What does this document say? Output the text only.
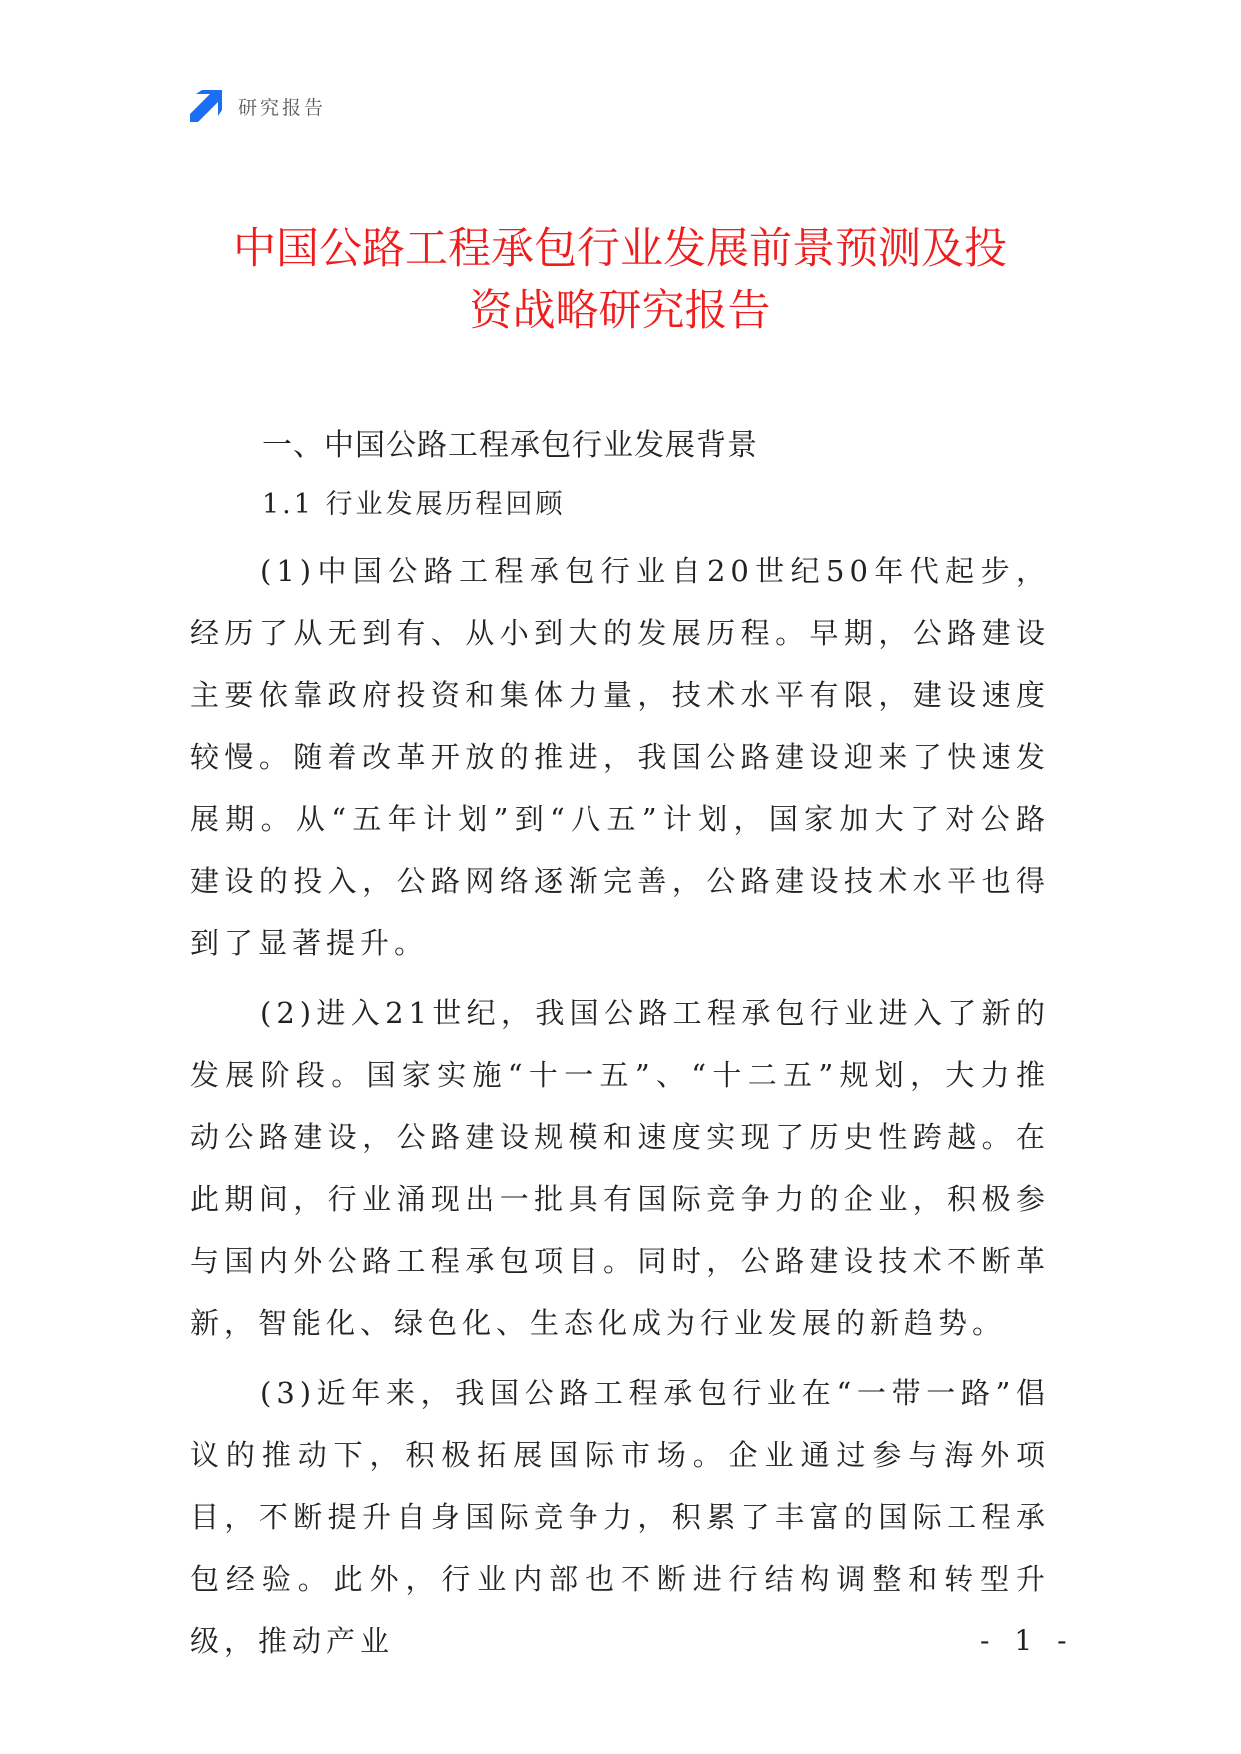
研究报告
中国公路工程承包行业发展前景预测及投
资战略研究报告
一、中国公路工程承包行业发展背景
1.1 行业发展历程回顾

(1)中国公路工程承包行业自20世纪50年代起步，经历了从无到有、从小到大的发展历程。早期，公路建设主要依靠政府投资和集体力量，技术水平有限，建设速度较慢。随着改革开放的推进，我国公路建设迎来了快速发展期。从“五年计划”到“八五”计划，国家加大了对公路建设的投入，公路网络逐渐完善，公路建设技术水平也得到了显著提升。

(2)进入21世纪，我国公路工程承包行业进入了新的发展阶段。国家实施“十一五”、“十二五”规划，大力推动公路建设，公路建设规模和速度实现了历史性跨越。在此期间，行业涌现出一批具有国际竞争力的企业，积极参与国内外公路工程承包项目。同时，公路建设技术不断革新，智能化、绿色化、生态化成为行业发展的新趋势。

(3)近年来，我国公路工程承包行业在“一带一路”倡议的推动下，积极拓展国际市场。企业通过参与海外项目，不断提升自身国际竞争力，积累了丰富的国际工程承包经验。此外，行业内部也不断进行结构调整和转型升级，推动产业	- 1 -
